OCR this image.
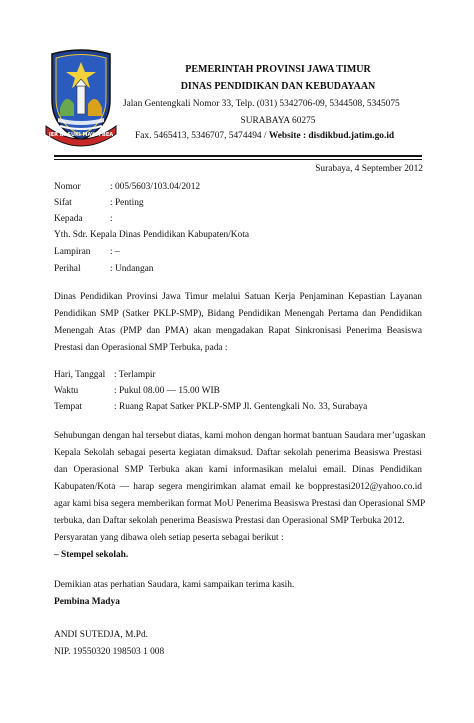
JER BASUKI MAWA BEA
PEMERINTAH PROVINSI JAWA TIMUR
DINAS PENDIDIKAN DAN KEBUDAYAAN
Jalan Gentengkali Nomor 33, Telp. (031) 5342706-09, 5344508, 5345075
SURABAYA 60275
Fax. 5465413, 5346707, 5474494 / Website : disdikbud.jatim.go.id
Surabaya, 4 September 2012
Nomor	: 005/5603/103.04/2012
Sifat	: Penting
Kepada	:
Yth. Sdr. Kepala Dinas Pendidikan Kabupaten/Kota
Lampiran : –
Perihal	: Undangan
Dinas Pendidikan Provinsi Jawa Timur melalui Satuan Kerja Penjaminan Kepastian Layanan
Pendidikan SMP (Satker PKLP-SMP), Bidang Pendidikan Menengah Pertama dan Pendidikan
Menengah Atas (PMP dan PMA) akan mengadakan Rapat Sinkronisasi Penerima Beasiswa
Prestasi dan Operasional SMP Terbuka, pada :
Hari, Tanggal : Terlampir
Waktu	: Pukul 08.00 — 15.00 WIB
Tempat	: Ruang Rapat Satker PKLP-SMP Jl. Gentengkali No. 33, Surabaya
Sehubungan dengan hal tersebut diatas, kami mohon dengan hormat bantuan Saudara mer’ugaskan
Kepala Sekolah sebagai peserta kegiatan dimaksud. Daftar sekolah penerima Beasiswa Prestasi
dan Operasional SMP Terbuka akan kami informasikan melalui email. Dinas Pendidikan
Kabupaten/Kota — harap segera mengirimkan alamat email ke bopprestasi2012@yahoo.co.id
agar kami bisa segera memberikan format MoU Penerima Beasiswa Prestasi dan Operasional SMP
terbuka, dan Daftar sekolah penerima Beasiswa Prestasi dan Operasional SMP Terbuka 2012.
Persyaratan yang dibawa oleh setiap peserta sebagai berikut :
– Stempel sekolah.
Demikian atas perhatian Saudara, kami sampaikan terima kasih.
Pembina Madya
ANDI SUTEDJA, M.Pd.
NIP. 19550320 198503 1 008
